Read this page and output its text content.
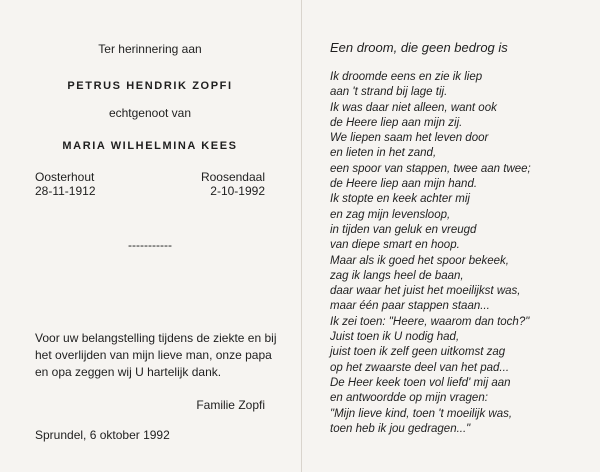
Ter herinnering aan
PETRUS HENDRIK ZOPFI
echtgenoot van
MARIA WILHELMINA KEES
Oosterhout
28-11-1912
Roosendaal
2-10-1992
-----------
Voor uw belangstelling tijdens de ziekte en bij het overlijden van mijn lieve man, onze papa en opa zeggen wij U hartelijk dank.
Familie Zopfi
Sprundel, 6 oktober 1992
Een droom, die geen bedrog is
Ik droomde eens en zie ik liep
aan 't strand bij lage tij.
Ik was daar niet alleen, want ook
de Heere liep aan mijn zij.
We liepen saam het leven door
en lieten in het zand,
een spoor van stappen, twee aan twee;
de Heere liep aan mijn hand.
Ik stopte en keek achter mij
en zag mijn levensloop,
in tijden van geluk en vreugd
van diepe smart en hoop.
Maar als ik goed het spoor bekeek,
zag ik langs heel de baan,
daar waar het juist het moeilijkst was,
maar één paar stappen staan...
Ik zei toen: "Heere, waarom dan toch?"
Juist toen ik U nodig had,
juist toen ik zelf geen uitkomst zag
op het zwaarste deel van het pad...
De Heer keek toen vol liefd' mij aan
en antwoordde op mijn vragen:
"Mijn lieve kind, toen 't moeilijk was,
toen heb ik jou gedragen..."
